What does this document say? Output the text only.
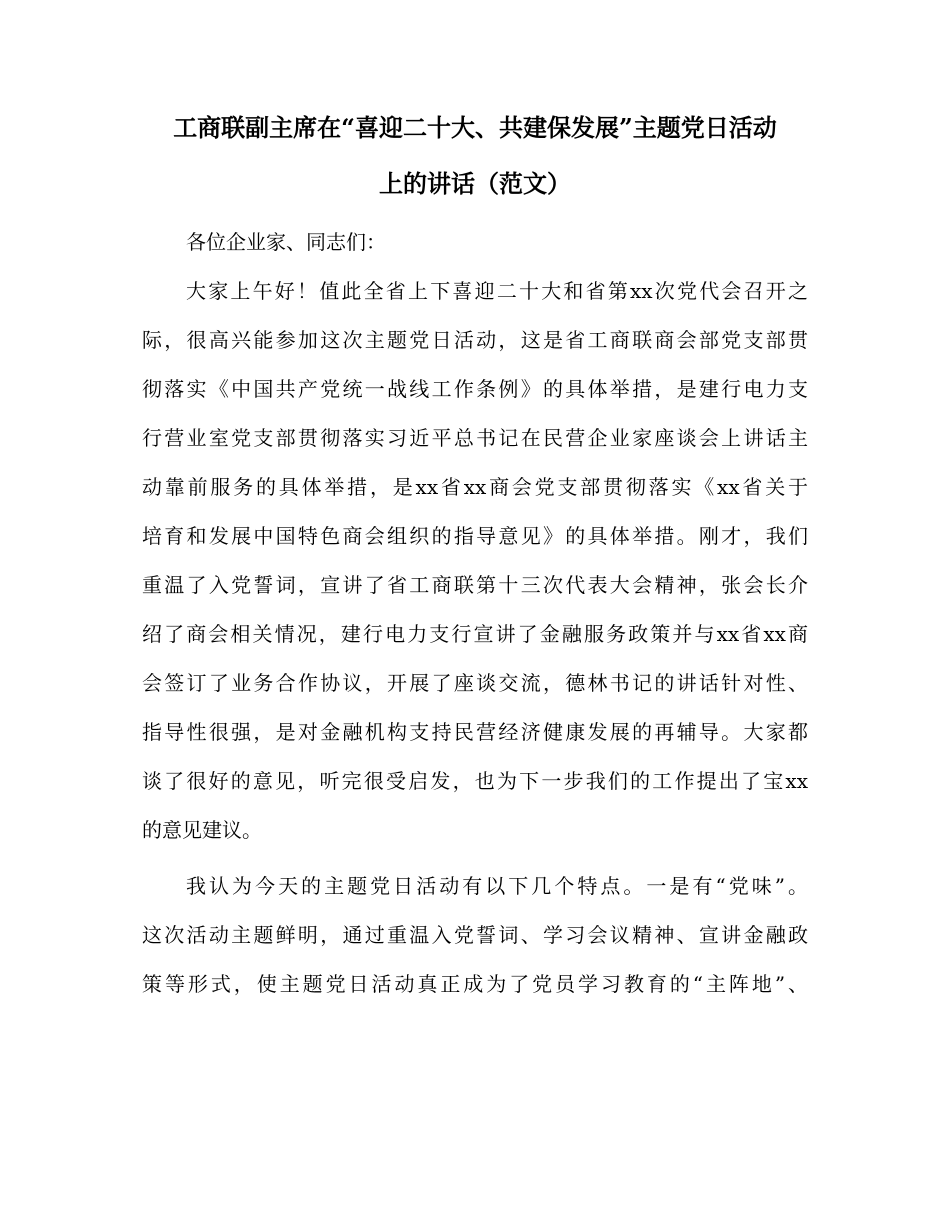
工商联副主席在“喜迎二十大、共建保发展”主题党日活动
上的讲话（范文）
各位企业家、同志们：
大家上午好！值此全省上下喜迎二十大和省第xx次党代会召开之
际，很高兴能参加这次主题党日活动，这是省工商联商会部党支部贯
彻落实《中国共产党统一战线工作条例》的具体举措，是建行电力支
行营业室党支部贯彻落实习近平总书记在民营企业家座谈会上讲话主
动靠前服务的具体举措，是xx省xx商会党支部贯彻落实《xx省关于
培育和发展中国特色商会组织的指导意见》的具体举措。刚才，我们
重温了入党誓词，宣讲了省工商联第十三次代表大会精神，张会长介
绍了商会相关情况，建行电力支行宣讲了金融服务政策并与xx省xx商
会签订了业务合作协议，开展了座谈交流，德林书记的讲话针对性、
指导性很强，是对金融机构支持民营经济健康发展的再辅导。大家都
谈了很好的意见，听完很受启发，也为下一步我们的工作提出了宝xx
的意见建议。
我认为今天的主题党日活动有以下几个特点。一是有“党味”。
这次活动主题鲜明，通过重温入党誓词、学习会议精神、宣讲金融政
策等形式，使主题党日活动真正成为了党员学习教育的“主阵地”、
